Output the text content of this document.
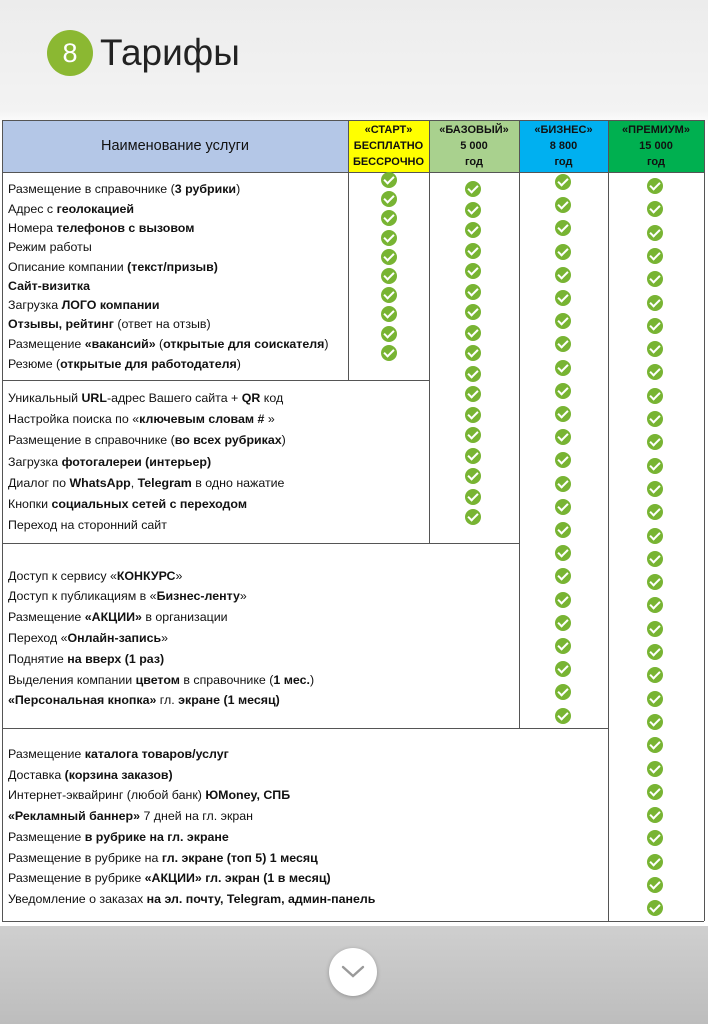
8 Тарифы
Наименование услуги
«СТАРТ»
БЕСПЛАТНО
БЕССРОЧНО
«БАЗОВЫЙ»
5 000
год
«БИЗНЕС»
8 800
год
«ПРЕМИУМ»
15 000
год
Размещение в справочнике (3 рубрики)
Адрес с геолокацией
Номера телефонов с вызовом
Режим работы
Описание компании (текст/призыв)
Сайт-визитка
Загрузка ЛОГО компании
Отзывы, рейтинг (ответ на отзыв)
Размещение «вакансий» (открытые для соискателя)
Резюме (открытые для работодателя)
Уникальный URL-адрес Вашего сайта + QR код
Настройка поиска по «ключевым словам # »
Размещение в справочнике (во всех рубриках)
Загрузка фотогалереи (интерьер)
Диалог по WhatsApp, Telegram в одно нажатие
Кнопки социальных сетей с переходом
Переход на сторонний сайт
Доступ к сервису «КОНКУРС»
Доступ к публикациям в «Бизнес-ленту»
Размещение «АКЦИИ» в организации
Переход «Онлайн-запись»
Поднятие на вверх (1 раз)
Выделения компании цветом в справочнике (1 мес.)
«Персональная кнопка» гл. экране (1 месяц)
Размещение каталога товаров/услуг
Доставка (корзина заказов)
Интернет-эквайринг (любой банк) ЮMoney, СПБ
«Рекламный баннер» 7 дней на гл. экран
Размещение в рубрике на гл. экране
Размещение в рубрике на гл. экране (топ 5) 1 месяц
Размещение в рубрике «АКЦИИ» гл. экран (1 в месяц)
Уведомление о заказах на эл. почту, Telegram, админ-панель
